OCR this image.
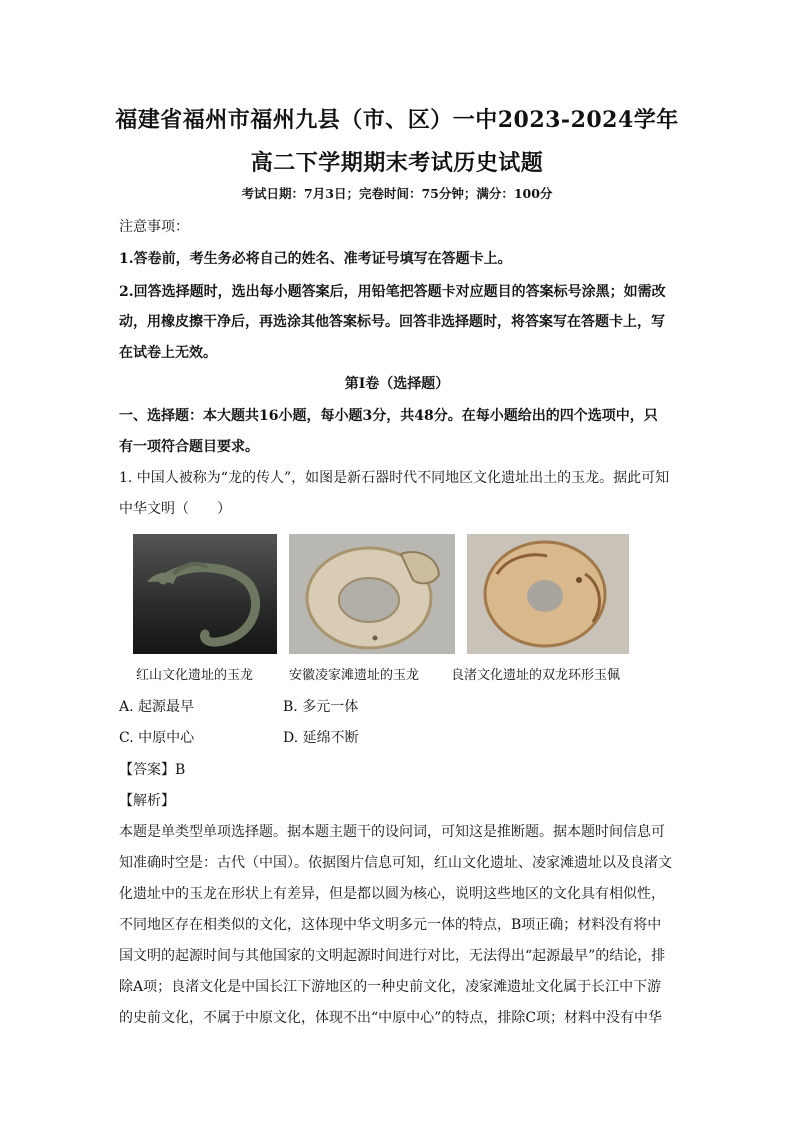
福建省福州市福州九县（市、区）一中2023-2024学年
高二下学期期末考试历史试题
考试日期：7月3日；完卷时间：75分钟；满分：100分
注意事项：
1.答卷前，考生务必将自己的姓名、准考证号填写在答题卡上。
2.回答选择题时，选出每小题答案后，用铅笔把答题卡对应题目的答案标号涂黑；如需改
动，用橡皮擦干净后，再选涂其他答案标号。回答非选择题时，将答案写在答题卡上，写
在试卷上无效。
第I卷（选择题）
一、选择题：本大题共16小题，每小题3分，共48分。在每小题给出的四个选项中，只
有一项符合题目要求。
1. 中国人被称为“龙的传人”，如图是新石器时代不同地区文化遗址出土的玉龙。据此可知
中华文明（　　）
红山文化遗址的玉龙	安徽凌家滩遗址的玉龙 良渚文化遗址的双龙环形玉佩
A. 起源最早	B. 多元一体
C. 中原中心	D. 延绵不断
【答案】B
【解析】
本题是单类型单项选择题。据本题主题干的设问词，可知这是推断题。据本题时间信息可
知准确时空是：古代（中国）。依据图片信息可知，红山文化遗址、凌家滩遗址以及良渚文
化遗址中的玉龙在形状上有差异，但是都以圆为核心，说明这些地区的文化具有相似性，
不同地区存在相类似的文化，这体现中华文明多元一体的特点，B项正确；材料没有将中
国文明的起源时间与其他国家的文明起源时间进行对比，无法得出“起源最早”的结论，排
除A项；良渚文化是中国长江下游地区的一种史前文化，凌家滩遗址文化属于长江中下游
的史前文化，不属于中原文化，体现不出“中原中心”的特点，排除C项；材料中没有中华
